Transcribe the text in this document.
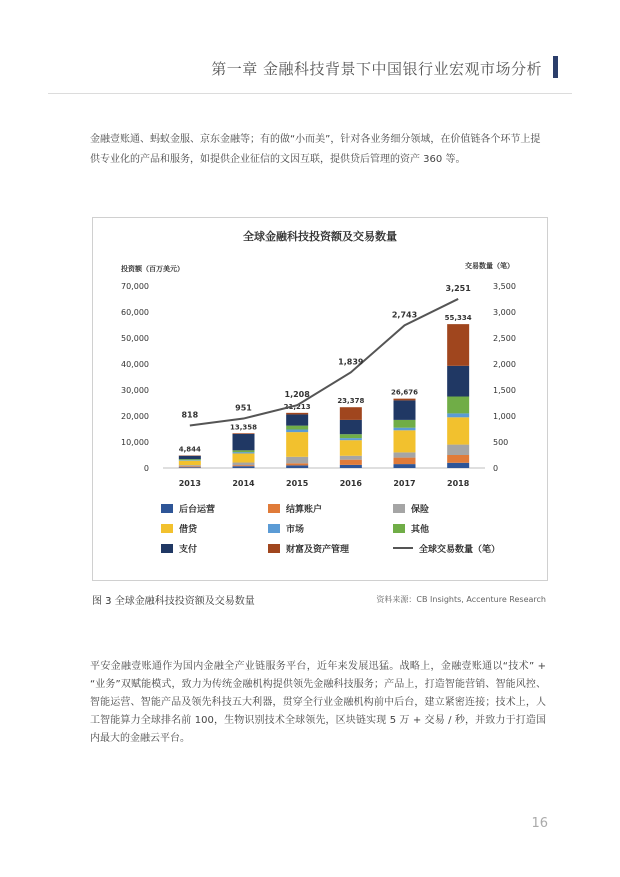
第一章 金融科技背景下中国银行业宏观市场分析
金融壹账通、蚂蚁金服、京东金融等；有的做“小而美”，针对各业务细分领域，在价值链各个环节上提供专业化的产品和服务，如提供企业征信的文因互联，提供贷后管理的资产 360 等。
全球金融科技投资额及交易数量
投资额（百万美元）	交易数量（笔）
0
10,000
20,000
30,000
40,000
50,000
60,000
70,000
0
500
1,000
1,500
2,000
2,500
3,000
3,500
2013	2014	2015	2016	2017	2018
4,844
13,358
21,213
23,378
26,676
55,334
818
951
1,208
1,839
2,743
3,251
后台运营	结算账户	保险
借贷	市场	其他
支付	财富及资产管理	全球交易数量（笔）
图 3 全球金融科技投资额及交易数量	资料来源：CB Insights, Accenture Research
平安金融壹账通作为国内金融全产业链服务平台，近年来发展迅猛。战略上，金融壹账通以“技术” + “业务”双赋能模式，致力为传统金融机构提供领先金融科技服务；产品上，打造智能营销、智能风控、智能运营、智能产品及领先科技五大利器，贯穿全行业金融机构前中后台，建立紧密连接；技术上，人工智能算力全球排名前 100，生物识别技术全球领先，区块链实现 5 万 + 交易 / 秒，并致力于打造国内最大的金融云平台。
16
